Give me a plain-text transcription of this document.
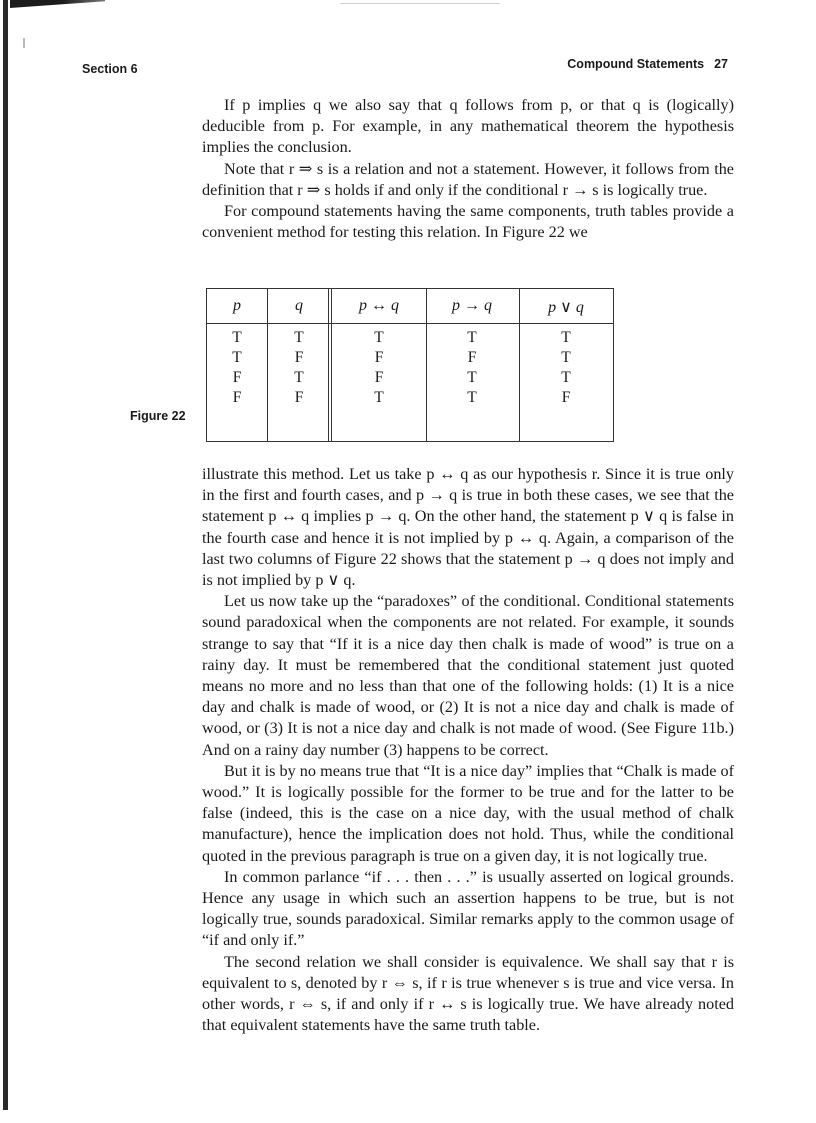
Section 6	Compound Statements 27

If p implies q we also say that q follows from p, or that q is (logically) deducible from p. For example, in any mathematical theorem the hypothesis implies the conclusion.

Note that r ⇒ s is a relation and not a statement. However, it follows from the definition that r ⇒ s holds if and only if the conditional r → s is logically true.

For compound statements having the same components, truth tables provide a convenient method for testing this relation. In Figure 22 we

p	q	p ↔ q	p → q	p ∨ q
T	T	T	T	T
T	F	F	F	T
F	T	F	T	T
F	F	T	T	F
Figure 22

illustrate this method. Let us take p ↔ q as our hypothesis r. Since it is true only in the first and fourth cases, and p → q is true in both these cases, we see that the statement p ↔ q implies p → q. On the other hand, the statement p ∨ q is false in the fourth case and hence it is not implied by p ↔ q. Again, a comparison of the last two columns of Figure 22 shows that the statement p → q does not imply and is not implied by p ∨ q.

Let us now take up the “paradoxes” of the conditional. Conditional statements sound paradoxical when the components are not related. For example, it sounds strange to say that “If it is a nice day then chalk is made of wood” is true on a rainy day. It must be remembered that the conditional statement just quoted means no more and no less than that one of the following holds: (1) It is a nice day and chalk is made of wood, or (2) It is not a nice day and chalk is made of wood, or (3) It is not a nice day and chalk is not made of wood. (See Figure 11b.) And on a rainy day number (3) happens to be correct.

But it is by no means true that “It is a nice day” implies that “Chalk is made of wood.” It is logically possible for the former to be true and for the latter to be false (indeed, this is the case on a nice day, with the usual method of chalk manufacture), hence the implication does not hold. Thus, while the conditional quoted in the previous paragraph is true on a given day, it is not logically true.

In common parlance “if . . . then . . .” is usually asserted on logical grounds. Hence any usage in which such an assertion happens to be true, but is not logically true, sounds paradoxical. Similar remarks apply to the common usage of “if and only if.”

The second relation we shall consider is equivalence. We shall say that r is equivalent to s, denoted by r ⇔ s, if r is true whenever s is true and vice versa. In other words, r ⇔ s, if and only if r ↔ s is logically true. We have already noted that equivalent statements have the same truth table.
